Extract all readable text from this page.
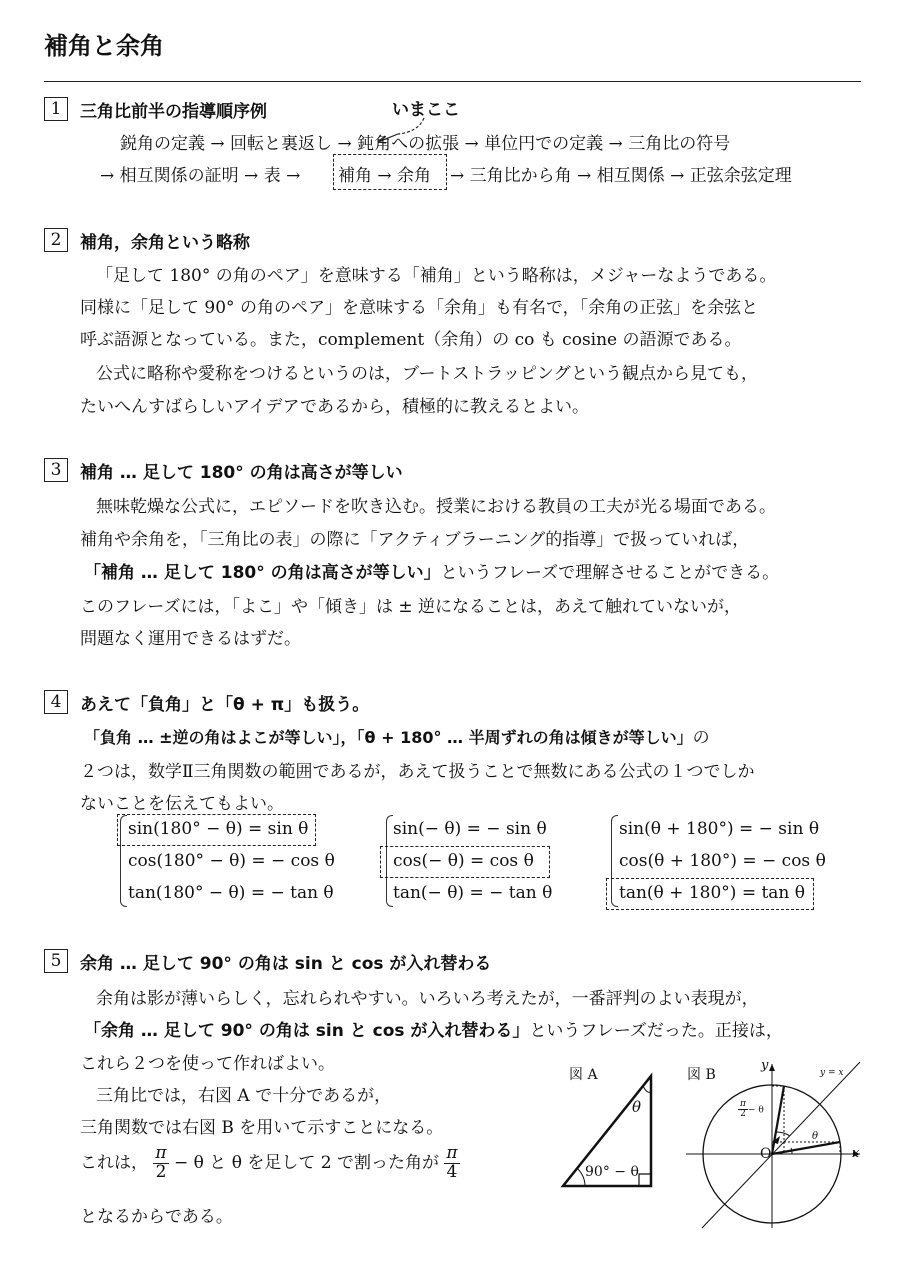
補角と余角
1	三角比前半の指導順序例	いまここ
鋭角の定義 → 回転と裏返し → 鈍角への拡張 → 単位円での定義 → 三角比の符号
→ 相互関係の証明 → 表 → 補角 → 余角 → 三角比から角 → 相互関係 → 正弦余弦定理
2	補角，余角という略称
「足して 180° の角のペア」を意味する「補角」という略称は，メジャーなようである。
同様に「足して 90° の角のペア」を意味する「余角」も有名で，「余角の正弦」を余弦と
呼ぶ語源となっている。また，complement（余角）の co も cosine の語源である。
公式に略称や愛称をつけるというのは，ブートストラッピングという観点から見ても，
たいへんすばらしいアイデアであるから，積極的に教えるとよい。
3	補角 … 足して 180° の角は高さが等しい
無味乾燥な公式に，エピソードを吹き込む。授業における教員の工夫が光る場面である。
補角や余角を，「三角比の表」の際に「アクティブラーニング的指導」で扱っていれば，
「補角 … 足して 180° の角は高さが等しい」というフレーズで理解させることができる。
このフレーズには，「よこ」や「傾き」は ± 逆になることは，あえて触れていないが，
問題なく運用できるはずだ。
4	あえて「負角」と「θ + π」も扱う。
「負角 … ±逆の角はよこが等しい」，「θ + 180° … 半周ずれの角は傾きが等しい」の
２つは，数学Ⅱ三角関数の範囲であるが，あえて扱うことで無数にある公式の１つでしか
ないことを伝えてもよい。
sin(180° − θ) = sin θ
cos(180° − θ) = − cos θ
tan(180° − θ) = − tan θ
sin(− θ) = − sin θ
cos(− θ) = cos θ
tan(− θ) = − tan θ
sin(θ + 180°) = − sin θ
cos(θ + 180°) = − cos θ
tan(θ + 180°) = tan θ
5	余角 … 足して 90° の角は sin と cos が入れ替わる
余角は影が薄いらしく，忘れられやすい。いろいろ考えたが，一番評判のよい表現が，
「余角 … 足して 90° の角は sin と cos が入れ替わる」というフレーズだった。正接は，
これら２つを使って作ればよい。
三角比では，右図 A で十分であるが，
三角関数では右図 B を用いて示すことになる。
これは， $\frac{\pi}{2} - \theta$ と θ を足して 2 で割った角が $\frac{\pi}{4}$
となるからである。
図 A
θ
90° − θ
図 B
y
x
O
y = x
θ
$\frac{\pi}{2} - \theta$
